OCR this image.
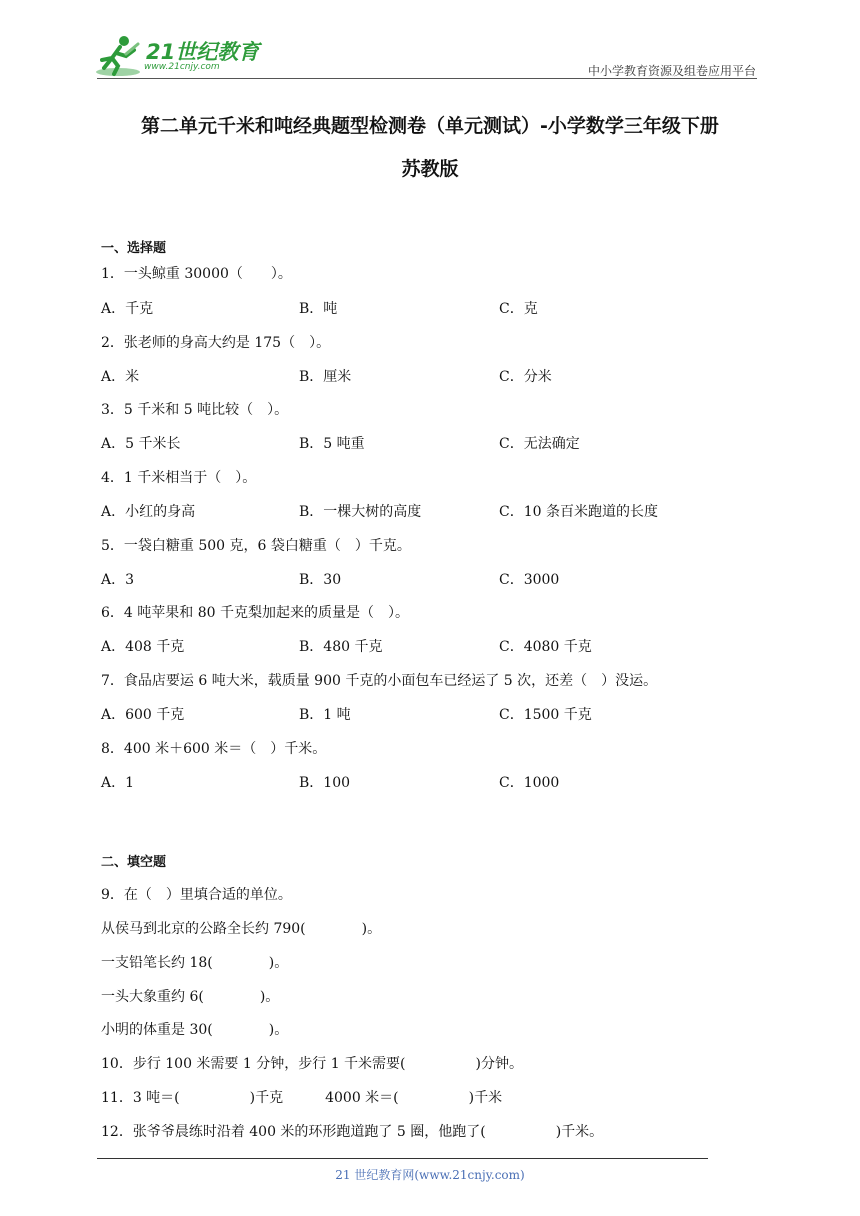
21世纪教育
www.21cnjy.com	中小学教育资源及组卷应用平台
第二单元千米和吨经典题型检测卷（单元测试）-小学数学三年级下册
苏教版
一、选择题
1．一头鲸重 30000（　　）。
A．千克	B．吨	C．克
2．张老师的身高大约是 175（　）。
A．米	B．厘米	C．分米
3．5 千米和 5 吨比较（　）。
A．5 千米长	B．5 吨重	C．无法确定
4．1 千米相当于（　）。
A．小红的身高	B．一棵大树的高度	C．10 条百米跑道的长度
5．一袋白糖重 500 克，6 袋白糖重（　）千克。
A．3	B．30	C．3000
6．4 吨苹果和 80 千克梨加起来的质量是（　）。
A．408 千克	B．480 千克	C．4080 千克
7．食品店要运 6 吨大米，载质量 900 千克的小面包车已经运了 5 次，还差（　）没运。
A．600 千克	B．1 吨	C．1500 千克
8．400 米＋600 米＝（　）千米。
A．1	B．100	C．1000
二、填空题
9．在（　）里填合适的单位。
从侯马到北京的公路全长约 790(　　　　)。
一支铅笔长约 18(　　　　)。
一头大象重约 6(　　　　)。
小明的体重是 30(　　　　)。
10．步行 100 米需要 1 分钟，步行 1 千米需要(　　　　　)分钟。
11．3 吨＝(　　　　　)千克　　　4000 米＝(　　　　　)千米
12．张爷爷晨练时沿着 400 米的环形跑道跑了 5 圈，他跑了(　　　　　)千米。
21 世纪教育网(www.21cnjy.com)
